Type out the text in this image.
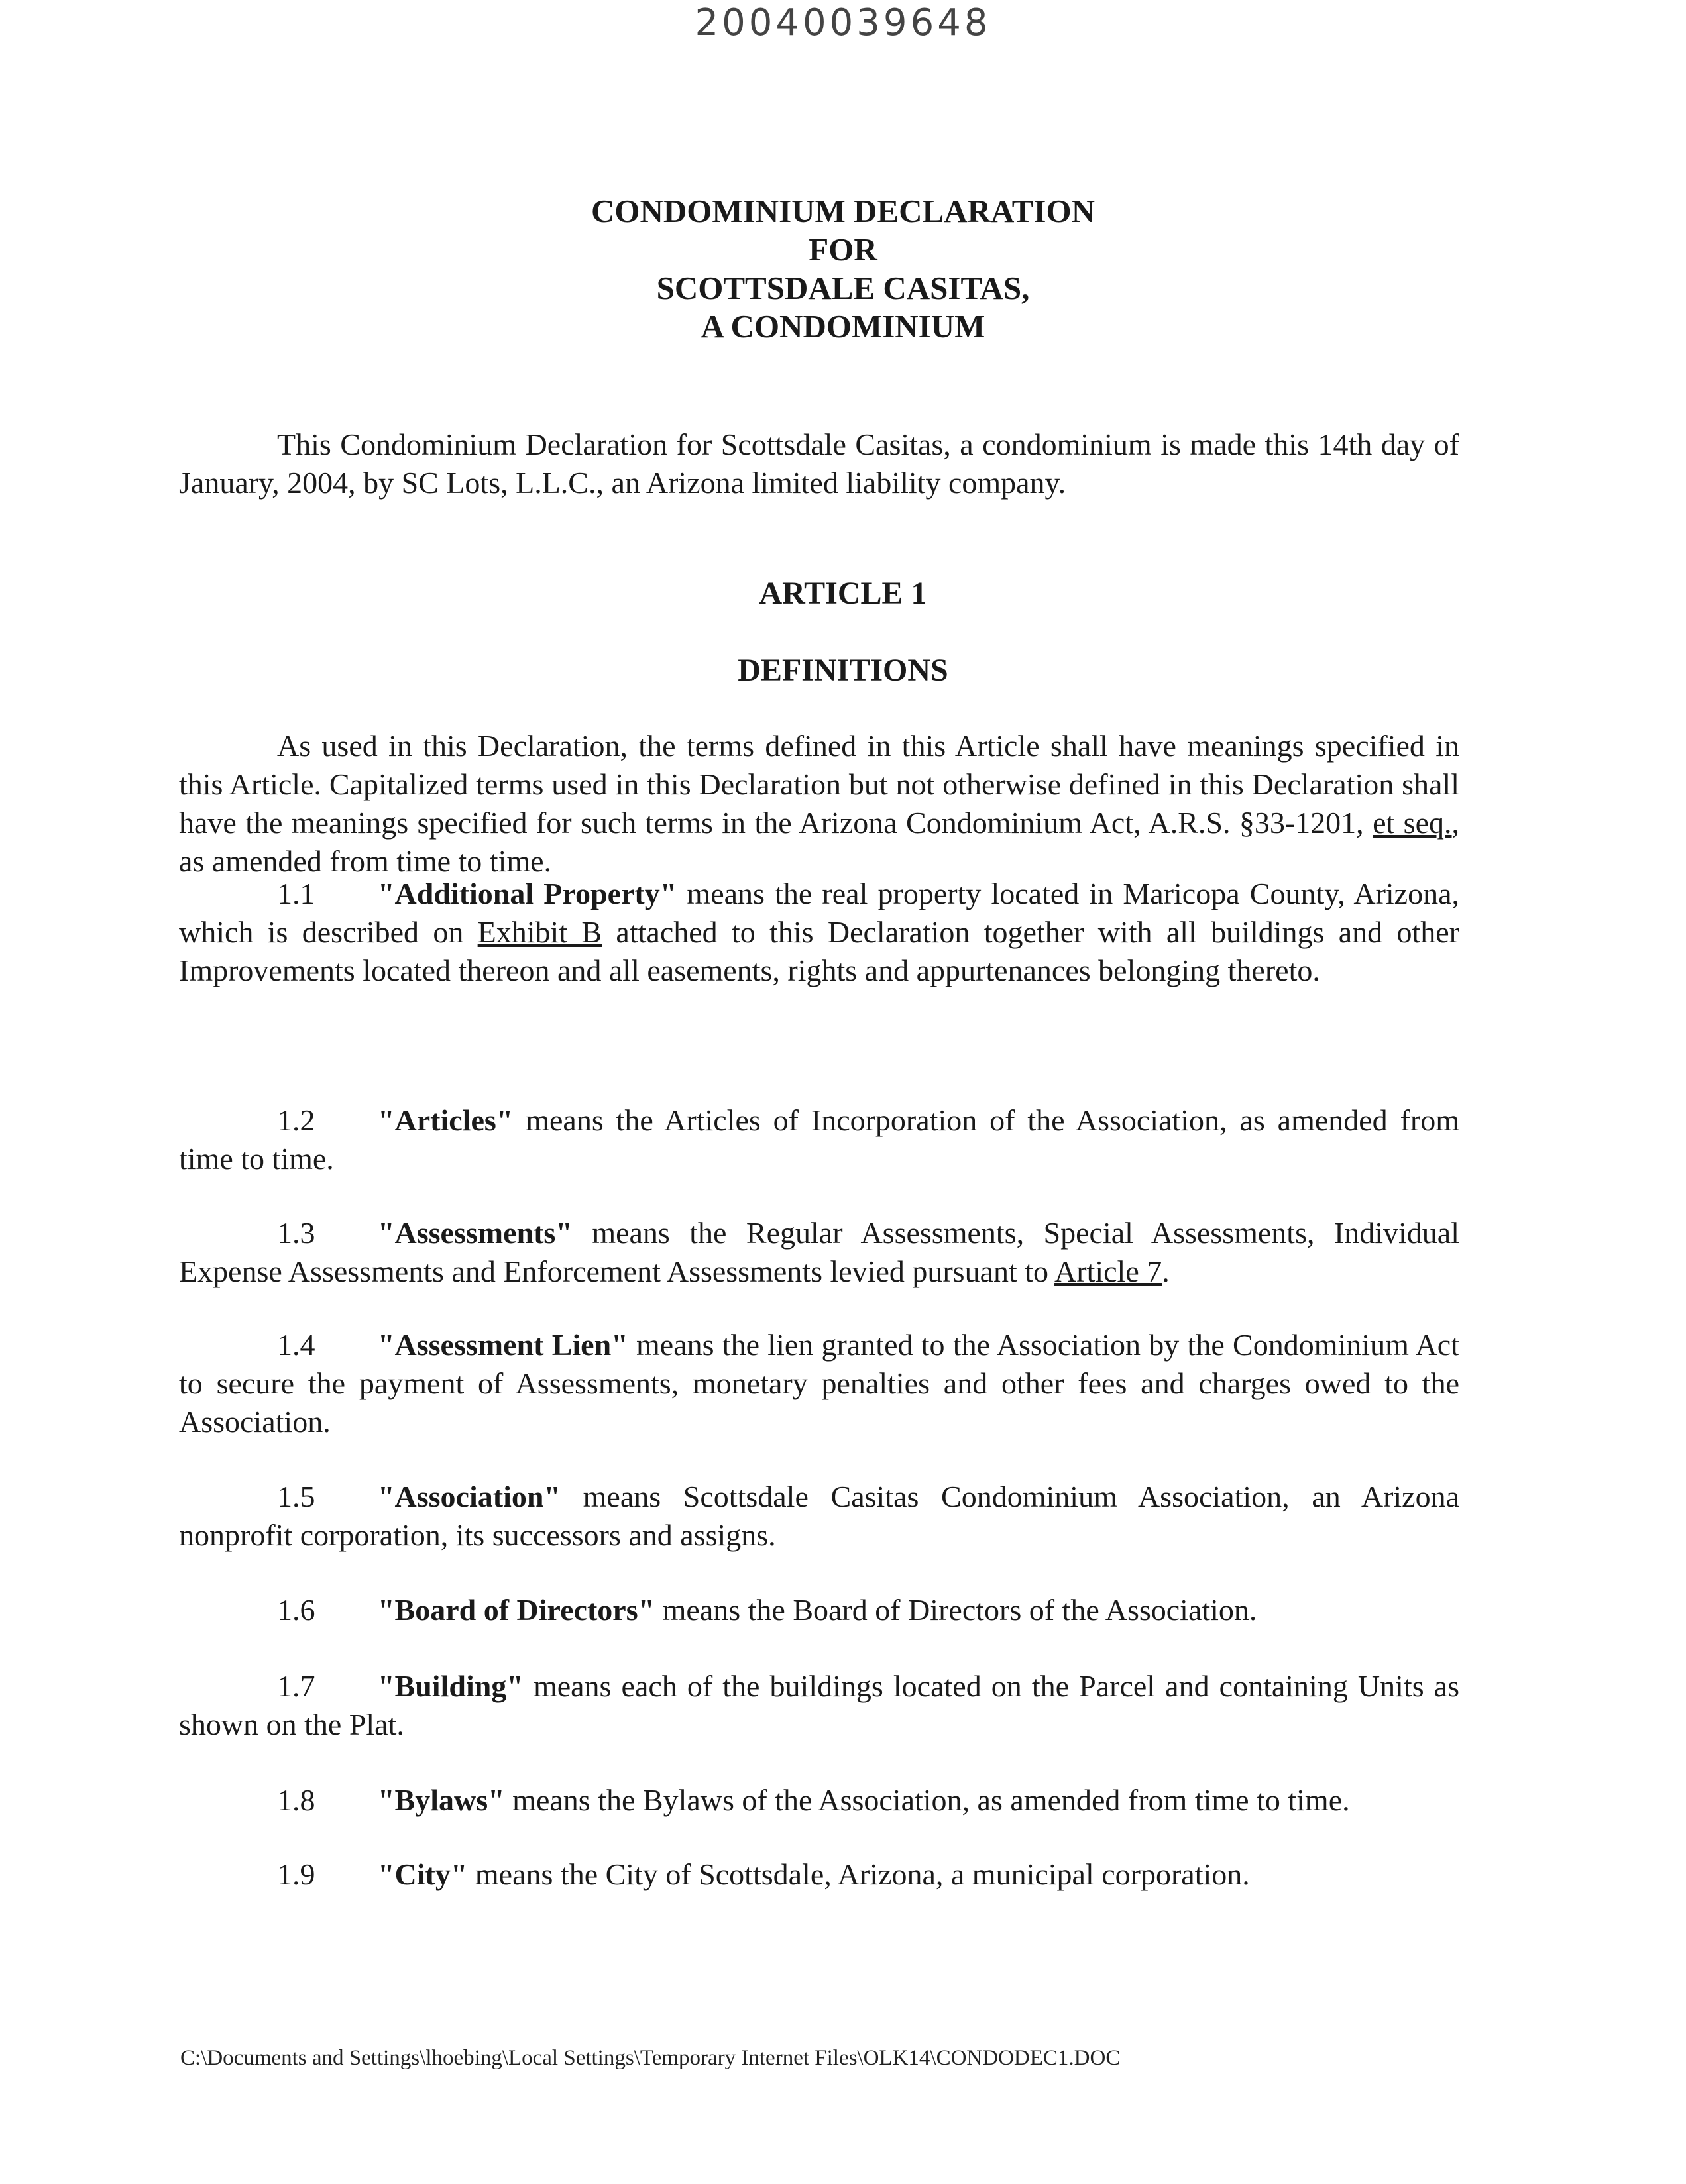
20040039648
CONDOMINIUM DECLARATION
FOR
SCOTTSDALE CASITAS,
A CONDOMINIUM
This Condominium Declaration for Scottsdale Casitas, a condominium is made this 14th day of January, 2004, by SC Lots, L.L.C., an Arizona limited liability company.
ARTICLE 1
DEFINITIONS
As used in this Declaration, the terms defined in this Article shall have meanings specified in this Article. Capitalized terms used in this Declaration but not otherwise defined in this Declaration shall have the meanings specified for such terms in the Arizona Condominium Act, A.R.S. §33-1201, et seq., as amended from time to time.
1.1 "Additional Property" means the real property located in Maricopa County, Arizona, which is described on Exhibit B attached to this Declaration together with all buildings and other Improvements located thereon and all easements, rights and appurtenances belonging thereto.
1.2 "Articles" means the Articles of Incorporation of the Association, as amended from time to time.
1.3 "Assessments" means the Regular Assessments, Special Assessments, Individual Expense Assessments and Enforcement Assessments levied pursuant to Article 7.
1.4 "Assessment Lien" means the lien granted to the Association by the Condominium Act to secure the payment of Assessments, monetary penalties and other fees and charges owed to the Association.
1.5 "Association" means Scottsdale Casitas Condominium Association, an Arizona nonprofit corporation, its successors and assigns.
1.6 "Board of Directors" means the Board of Directors of the Association.
1.7 "Building" means each of the buildings located on the Parcel and containing Units as shown on the Plat.
1.8 "Bylaws" means the Bylaws of the Association, as amended from time to time.
1.9 "City" means the City of Scottsdale, Arizona, a municipal corporation.
C:\Documents and Settings\lhoebing\Local Settings\Temporary Internet Files\OLK14\CONDODEC1.DOC
